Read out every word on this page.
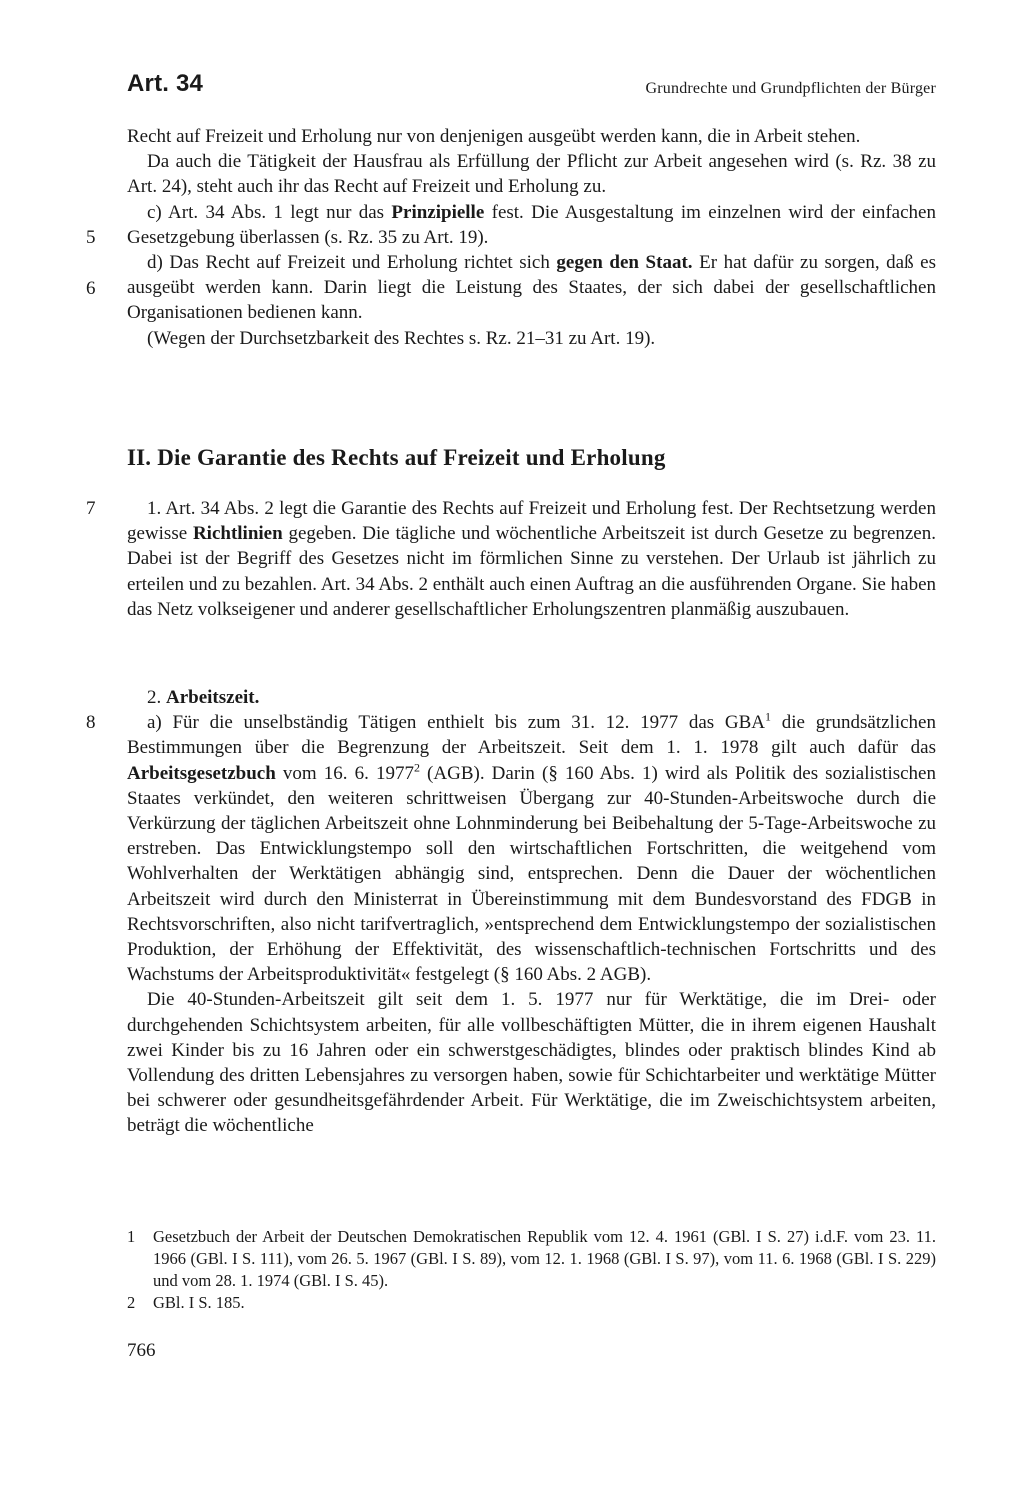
Art. 34	Grundrechte und Grundpflichten der Bürger

Recht auf Freizeit und Erholung nur von denjenigen ausgeübt werden kann, die in Arbeit stehen.

Da auch die Tätigkeit der Hausfrau als Erfüllung der Pflicht zur Arbeit angesehen wird (s. Rz. 38 zu Art. 24), steht auch ihr das Recht auf Freizeit und Erholung zu.

c) Art. 34 Abs. 1 legt nur das Prinzipielle fest. Die Ausgestaltung im einzelnen wird der einfachen Gesetzgebung überlassen (s. Rz. 35 zu Art. 19).

d) Das Recht auf Freizeit und Erholung richtet sich gegen den Staat. Er hat dafür zu sorgen, daß es ausgeübt werden kann. Darin liegt die Leistung des Staates, der sich dabei der gesellschaftlichen Organisationen bedienen kann.

(Wegen der Durchsetzbarkeit des Rechtes s. Rz. 21–31 zu Art. 19).

5
6
II. Die Garantie des Rechts auf Freizeit und Erholung
7	1. Art. 34 Abs. 2 legt die Garantie des Rechts auf Freizeit und Erholung fest. Der Rechtsetzung werden gewisse Richtlinien gegeben. Die tägliche und wöchentliche Arbeitszeit ist durch Gesetze zu begrenzen. Dabei ist der Begriff des Gesetzes nicht im förmlichen Sinne zu verstehen. Der Urlaub ist jährlich zu erteilen und zu bezahlen. Art. 34 Abs. 2 enthält auch einen Auftrag an die ausführenden Organe. Sie haben das Netz volkseigener und anderer gesellschaftlicher Erholungszentren planmäßig auszubauen.

8

2. Arbeitszeit.

a) Für die unselbständig Tätigen enthielt bis zum 31. 12. 1977 das GBA$^1$ die grundsätzlichen Bestimmungen über die Begrenzung der Arbeitszeit. Seit dem 1. 1. 1978 gilt auch dafür das Arbeitsgesetzbuch vom 16. 6. 1977$^2$ (AGB). Darin (§ 160 Abs. 1) wird als Politik des sozialistischen Staates verkündet, den weiteren schrittweisen Übergang zur 40-Stunden-Arbeitswoche durch die Verkürzung der täglichen Arbeitszeit ohne Lohnminderung bei Beibehaltung der 5-Tage-Arbeitswoche zu erstreben. Das Entwicklungstempo soll den wirtschaftlichen Fortschritten, die weitgehend vom Wohlverhalten der Werktätigen abhängig sind, entsprechen. Denn die Dauer der wöchentlichen Arbeitszeit wird durch den Ministerrat in Übereinstimmung mit dem Bundesvorstand des FDGB in Rechtsvorschriften, also nicht tarifvertraglich, »entsprechend dem Entwicklungstempo der sozialistischen Produktion, der Erhöhung der Effektivität, des wissenschaftlich-technischen Fortschritts und des Wachstums der Arbeitsproduktivität« festgelegt (§ 160 Abs. 2 AGB).

Die 40-Stunden-Arbeitszeit gilt seit dem 1. 5. 1977 nur für Werktätige, die im Drei- oder durchgehenden Schichtsystem arbeiten, für alle vollbeschäftigten Mütter, die in ihrem eigenen Haushalt zwei Kinder bis zu 16 Jahren oder ein schwerstgeschädigtes, blindes oder praktisch blindes Kind ab Vollendung des dritten Lebensjahres zu versorgen haben, sowie für Schichtarbeiter und werktätige Mütter bei schwerer oder gesundheitsgefährdender Arbeit. Für Werktätige, die im Zweischichtsystem arbeiten, beträgt die wöchentliche

1	Gesetzbuch der Arbeit der Deutschen Demokratischen Republik vom 12. 4. 1961 (GBl. I S. 27) i.d.F. vom 23. 11. 1966 (GBl. I S. 111), vom 26. 5. 1967 (GBl. I S. 89), vom 12. 1. 1968 (GBl. I S. 97), vom 11. 6. 1968 (GBl. I S. 229) und vom 28. 1. 1974 (GBl. I S. 45).
2	GBl. I S. 185.
766
